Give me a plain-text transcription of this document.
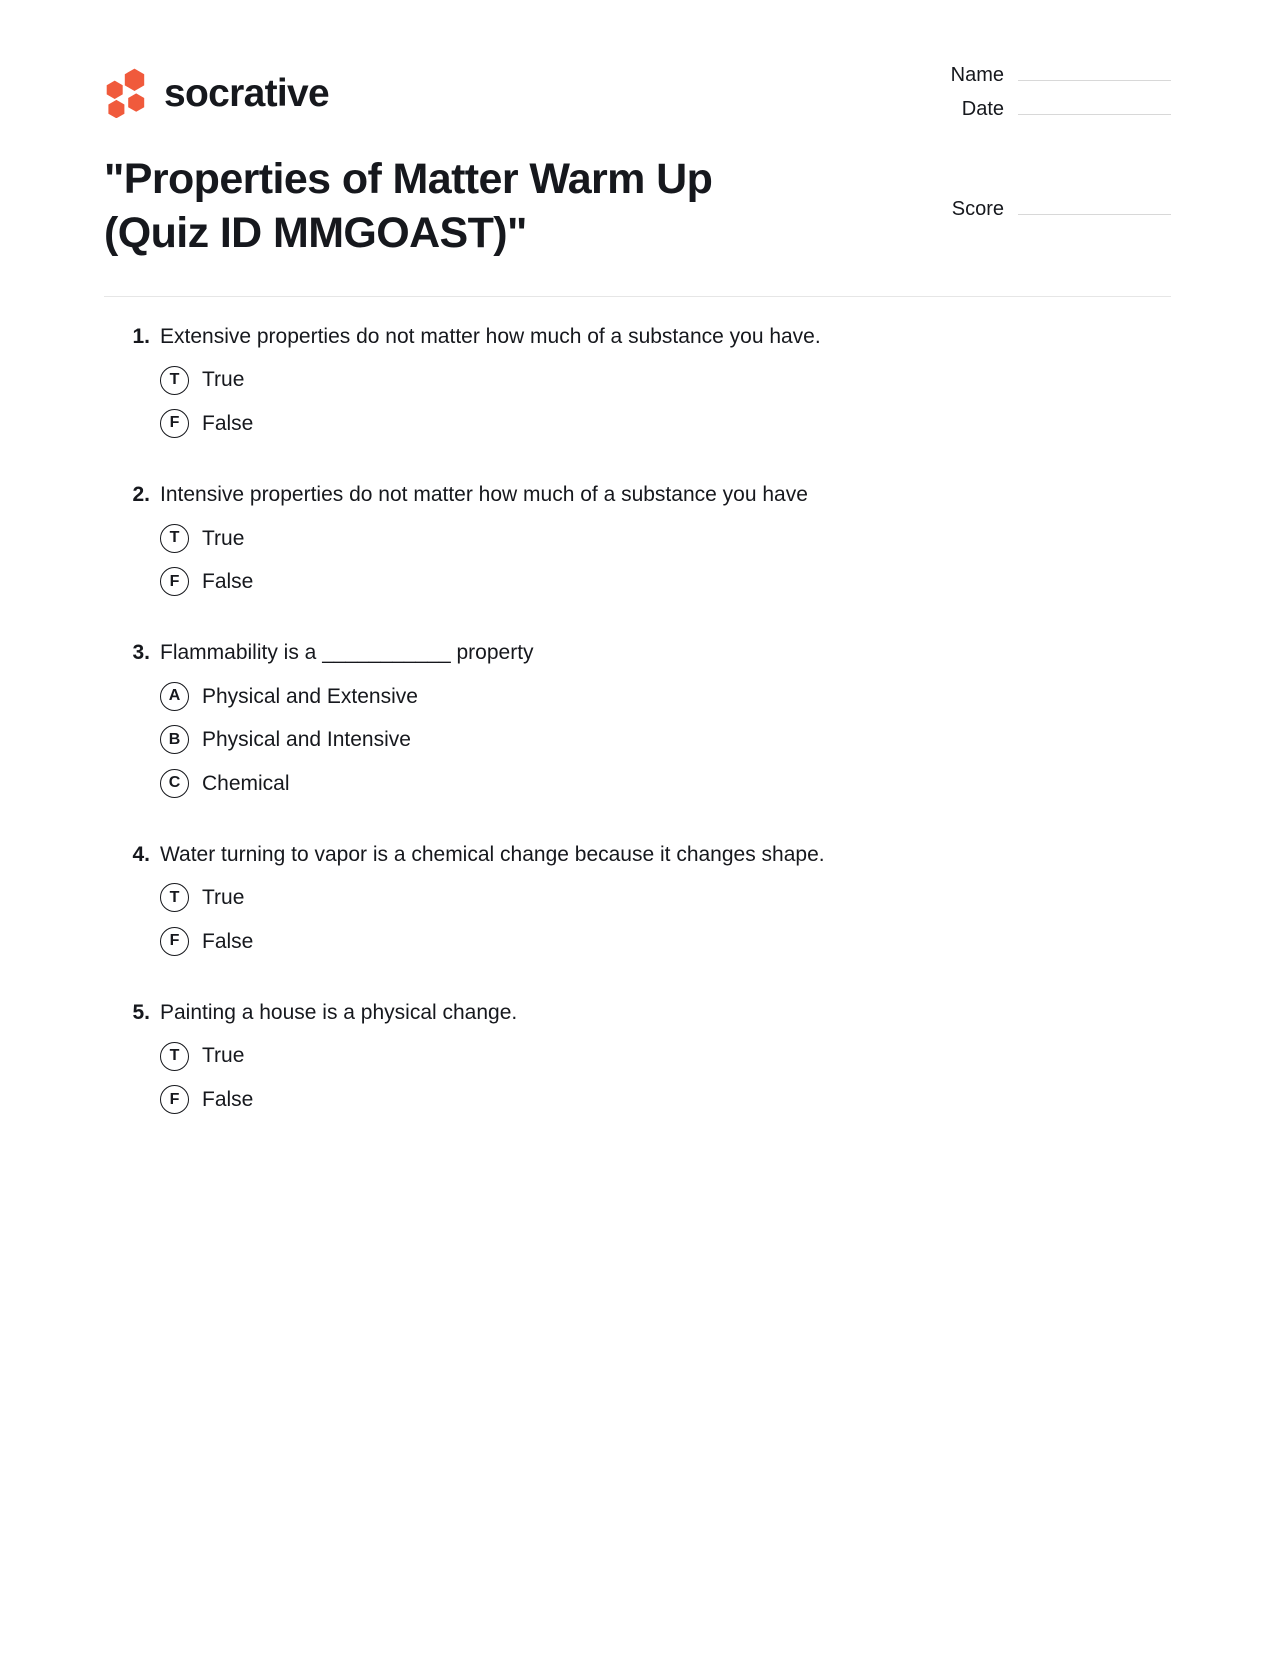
socrative	Name
Date
"Properties of Matter Warm Up (Quiz ID MMGOAST)"
Score
1. Extensive properties do not matter how much of a substance you have.
T	True
F	False
2. Intensive properties do not matter how much of a substance you have
T	True
F	False
3. Flammability is a ___________ property
A	Physical and Extensive
B	Physical and Intensive
C	Chemical
4. Water turning to vapor is a chemical change because it changes shape.
T	True
F	False
5. Painting a house is a physical change.
T	True
F	False
